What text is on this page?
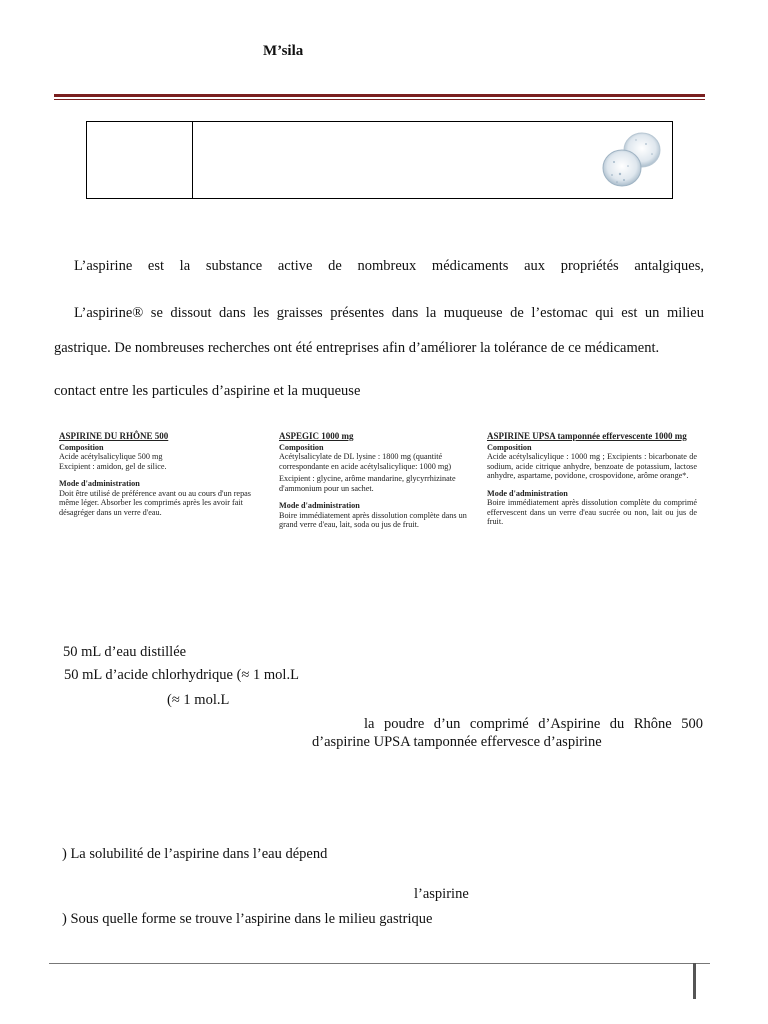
M’sila
L’aspirine est la substance active de nombreux médicaments aux propriétés antalgiques,
L’aspirine® se dissout dans les graisses présentes dans la muqueuse de l’estomac qui est un milieu gastrique. De nombreuses recherches ont été entreprises afin d’améliorer la tolérance de ce médicament.
contact entre les particules d’aspirine et la muqueuse
ASPIRINE DU RHÔNE 500
Composition
Acide acétylsalicylique 500 mg
Excipient : amidon, gel de silice.
Mode d'administration
Doit être utilisé de préférence avant ou au cours d'un repas même léger. Absorber les comprimés après les avoir fait désagréger dans un verre d'eau.
ASPEGIC 1000 mg
Composition
Acétylsalicylate de DL lysine : 1800 mg (quantité correspondante en acide acétylsalicylique: 1000 mg)
Excipient : glycine, arôme mandarine, glycyrrhizinate d'ammonium pour un sachet.
Mode d'administration
Boire immédiatement après dissolution complète dans un grand verre d'eau, lait, soda ou jus de fruit.
ASPIRINE UPSA tamponnée effervescente 1000 mg
Composition
Acide acétylsalicylique : 1000 mg ; Excipients : bicarbonate de sodium, acide citrique anhydre, benzoate de potassium, lactose anhydre, aspartame, povidone, crospovidone, arôme orange*.
Mode d'administration
Boire immédiatement après dissolution complète du comprimé effervescent dans un verre d'eau sucrée ou non, lait ou jus de fruit.
50 mL d’eau distillée
50 mL d’acide chlorhydrique (≈ 1 mol.L
(≈ 1 mol.L
la poudre d’un comprimé d’Aspirine du Rhône 500
d’aspirine UPSA tamponnée effervesce d’aspirine
) La solubilité de l’aspirine dans l’eau dépend
l’aspirine
) Sous quelle forme se trouve l’aspirine dans le milieu gastrique
